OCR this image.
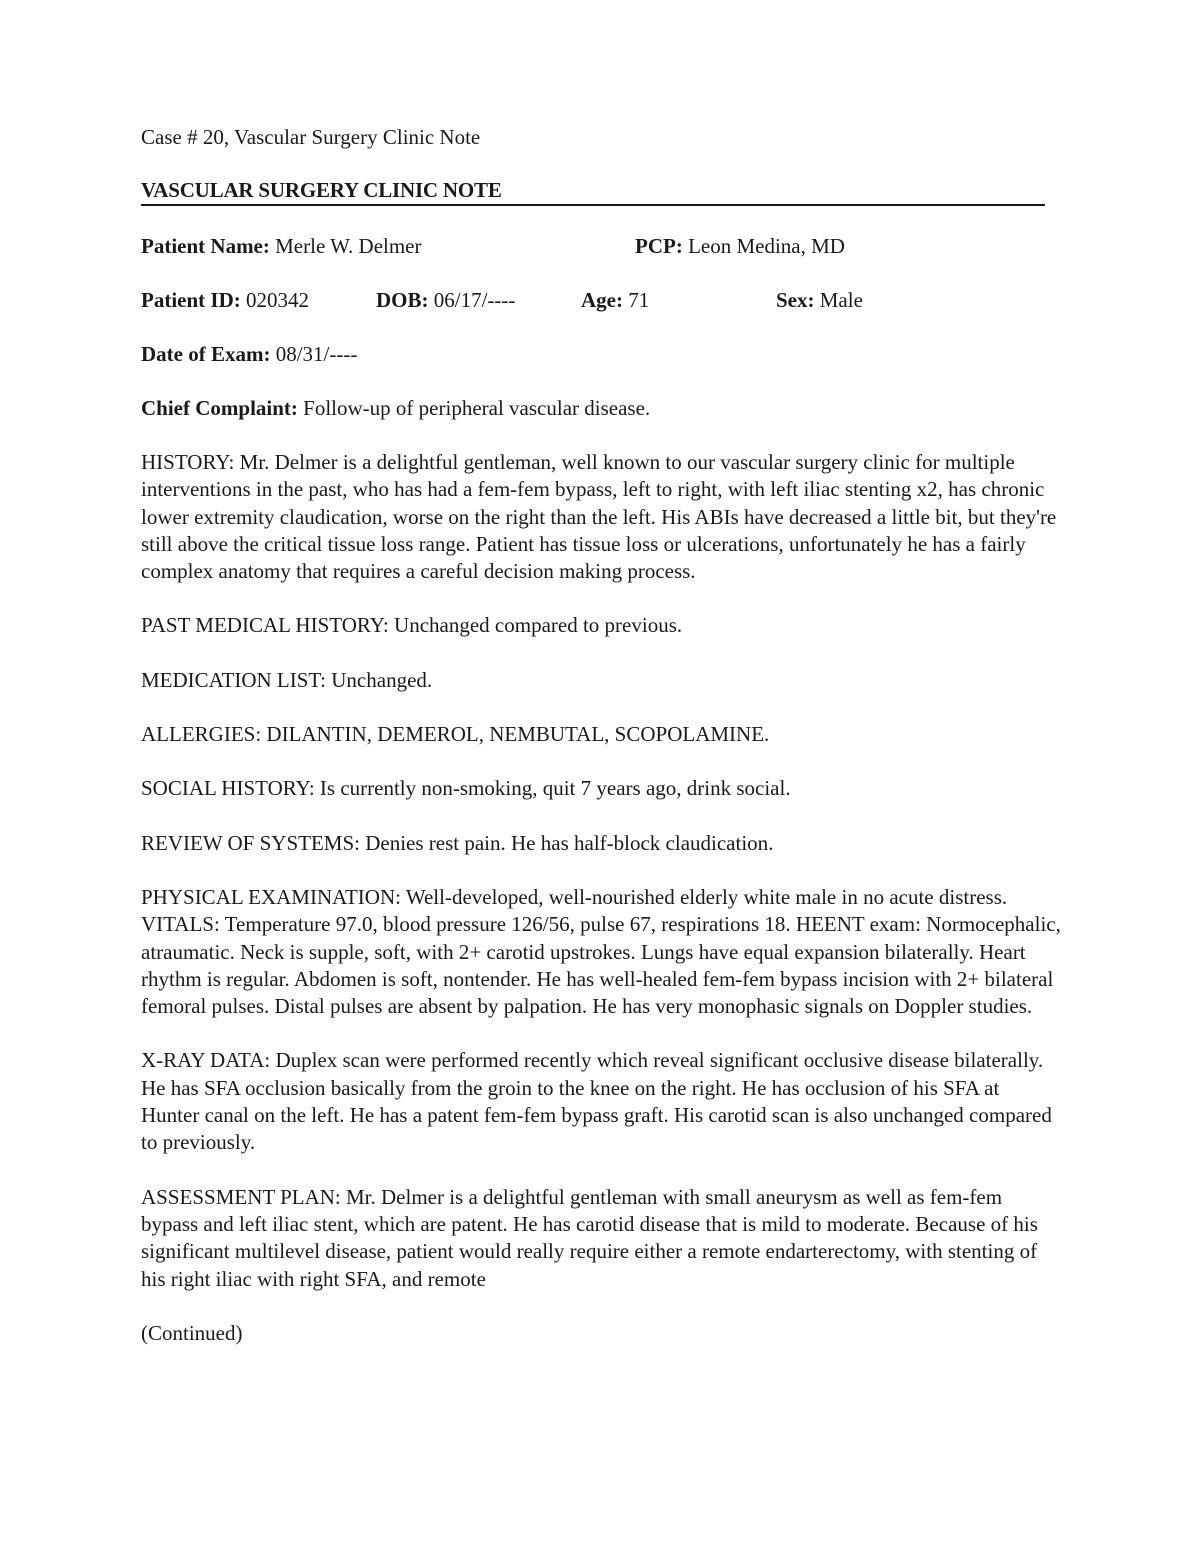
Case # 20, Vascular Surgery Clinic Note
VASCULAR SURGERY CLINIC NOTE
Patient Name: Merle W. Delmer	PCP: Leon Medina, MD
Patient ID: 020342	DOB: 06/17/----	Age: 71	Sex: Male
Date of Exam: 08/31/----
Chief Complaint: Follow-up of peripheral vascular disease.

HISTORY: Mr. Delmer is a delightful gentleman, well known to our vascular surgery clinic for multiple interventions in the past, who has had a fem-fem bypass, left to right, with left iliac stenting x2, has chronic lower extremity claudication, worse on the right than the left. His ABIs have decreased a little bit, but they're still above the critical tissue loss range. Patient has tissue loss or ulcerations, unfortunately he has a fairly complex anatomy that requires a careful decision making process.

PAST MEDICAL HISTORY: Unchanged compared to previous.

MEDICATION LIST: Unchanged.

ALLERGIES: DILANTIN, DEMEROL, NEMBUTAL, SCOPOLAMINE.

SOCIAL HISTORY: Is currently non-smoking, quit 7 years ago, drink social.

REVIEW OF SYSTEMS: Denies rest pain. He has half-block claudication.

PHYSICAL EXAMINATION: Well-developed, well-nourished elderly white male in no acute distress. VITALS: Temperature 97.0, blood pressure 126/56, pulse 67, respirations 18. HEENT exam: Normocephalic, atraumatic. Neck is supple, soft, with 2+ carotid upstrokes. Lungs have equal expansion bilaterally. Heart rhythm is regular. Abdomen is soft, nontender. He has well-healed fem-fem bypass incision with 2+ bilateral femoral pulses. Distal pulses are absent by palpation. He has very monophasic signals on Doppler studies.

X-RAY DATA: Duplex scan were performed recently which reveal significant occlusive disease bilaterally. He has SFA occlusion basically from the groin to the knee on the right. He has occlusion of his SFA at Hunter canal on the left. He has a patent fem-fem bypass graft. His carotid scan is also unchanged compared to previously.

ASSESSMENT PLAN: Mr. Delmer is a delightful gentleman with small aneurysm as well as fem-fem bypass and left iliac stent, which are patent. He has carotid disease that is mild to moderate. Because of his significant multilevel disease, patient would really require either a remote endarterectomy, with stenting of his right iliac with right SFA, and remote

(Continued)
